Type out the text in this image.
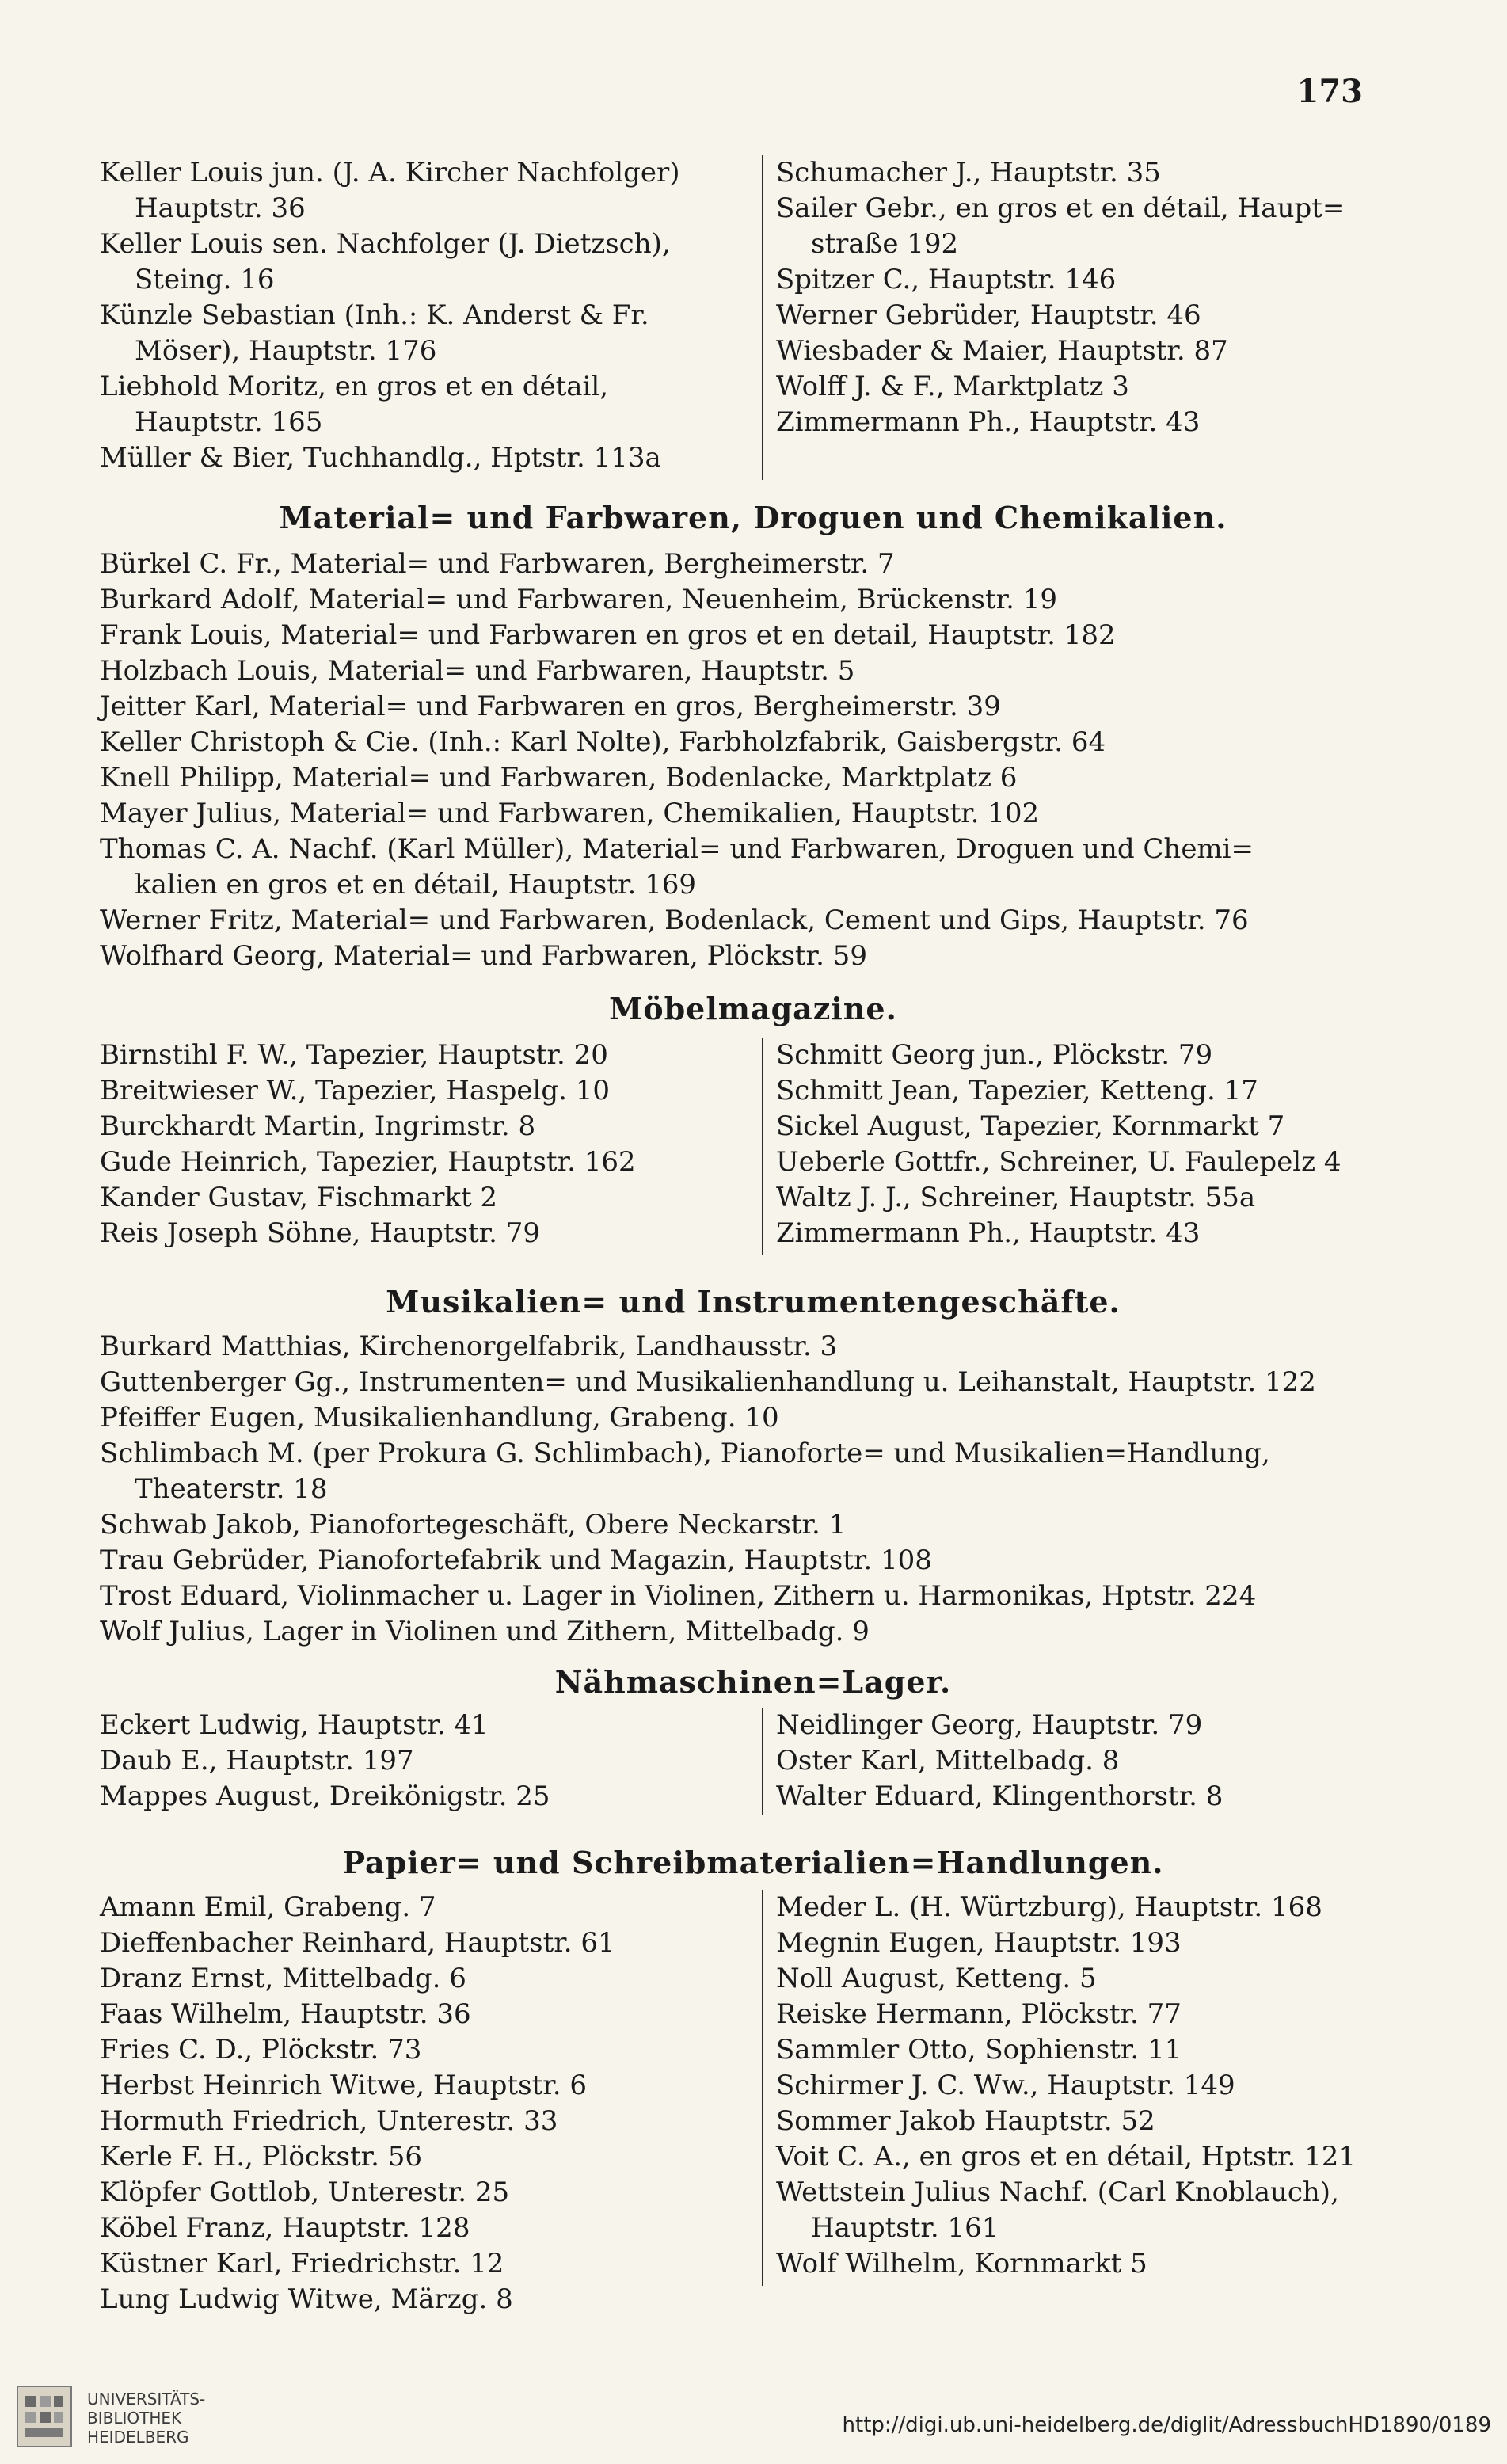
173
Keller Louis jun. (J. A. Kircher Nachfolger)
Hauptstr. 36
Keller Louis sen. Nachfolger (J. Dietzsch),
Steing. 16
Künzle Sebastian (Inh.: K. Anderst & Fr.
Möser), Hauptstr. 176
Liebhold Moritz, en gros et en détail,
Hauptstr. 165
Müller & Bier, Tuchhandlg., Hptstr. 113a
Schumacher J., Hauptstr. 35
Sailer Gebr., en gros et en détail, Haupt=
straße 192
Spitzer C., Hauptstr. 146
Werner Gebrüder, Hauptstr. 46
Wiesbader & Maier, Hauptstr. 87
Wolff J. & F., Marktplatz 3
Zimmermann Ph., Hauptstr. 43
Material= und Farbwaren, Droguen und Chemikalien.
Bürkel C. Fr., Material= und Farbwaren, Bergheimerstr. 7
Burkard Adolf, Material= und Farbwaren, Neuenheim, Brückenstr. 19
Frank Louis, Material= und Farbwaren en gros et en detail, Hauptstr. 182
Holzbach Louis, Material= und Farbwaren, Hauptstr. 5
Jeitter Karl, Material= und Farbwaren en gros, Bergheimerstr. 39
Keller Christoph & Cie. (Inh.: Karl Nolte), Farbholzfabrik, Gaisbergstr. 64
Knell Philipp, Material= und Farbwaren, Bodenlacke, Marktplatz 6
Mayer Julius, Material= und Farbwaren, Chemikalien, Hauptstr. 102
Thomas C. A. Nachf. (Karl Müller), Material= und Farbwaren, Droguen und Chemi=
kalien en gros et en détail, Hauptstr. 169
Werner Fritz, Material= und Farbwaren, Bodenlack, Cement und Gips, Hauptstr. 76
Wolfhard Georg, Material= und Farbwaren, Plöckstr. 59
Möbelmagazine.
Birnstihl F. W., Tapezier, Hauptstr. 20
Breitwieser W., Tapezier, Haspelg. 10
Burckhardt Martin, Ingrimstr. 8
Gude Heinrich, Tapezier, Hauptstr. 162
Kander Gustav, Fischmarkt 2
Reis Joseph Söhne, Hauptstr. 79
Schmitt Georg jun., Plöckstr. 79
Schmitt Jean, Tapezier, Ketteng. 17
Sickel August, Tapezier, Kornmarkt 7
Ueberle Gottfr., Schreiner, U. Faulepelz 4
Waltz J. J., Schreiner, Hauptstr. 55a
Zimmermann Ph., Hauptstr. 43
Musikalien= und Instrumentengeschäfte.
Burkard Matthias, Kirchenorgelfabrik, Landhausstr. 3
Guttenberger Gg., Instrumenten= und Musikalienhandlung u. Leihanstalt, Hauptstr. 122
Pfeiffer Eugen, Musikalienhandlung, Grabeng. 10
Schlimbach M. (per Prokura G. Schlimbach), Pianoforte= und Musikalien=Handlung,
Theaterstr. 18
Schwab Jakob, Pianofortegeschäft, Obere Neckarstr. 1
Trau Gebrüder, Pianofortefabrik und Magazin, Hauptstr. 108
Trost Eduard, Violinmacher u. Lager in Violinen, Zithern u. Harmonikas, Hptstr. 224
Wolf Julius, Lager in Violinen und Zithern, Mittelbadg. 9
Nähmaschinen=Lager.
Eckert Ludwig, Hauptstr. 41
Daub E., Hauptstr. 197
Mappes August, Dreikönigstr. 25
Neidlinger Georg, Hauptstr. 79
Oster Karl, Mittelbadg. 8
Walter Eduard, Klingenthorstr. 8
Papier= und Schreibmaterialien=Handlungen.
Amann Emil, Grabeng. 7
Dieffenbacher Reinhard, Hauptstr. 61
Dranz Ernst, Mittelbadg. 6
Faas Wilhelm, Hauptstr. 36
Fries C. D., Plöckstr. 73
Herbst Heinrich Witwe, Hauptstr. 6
Hormuth Friedrich, Unterestr. 33
Kerle F. H., Plöckstr. 56
Klöpfer Gottlob, Unterestr. 25
Köbel Franz, Hauptstr. 128
Küstner Karl, Friedrichstr. 12
Lung Ludwig Witwe, Märzg. 8
Meder L. (H. Würtzburg), Hauptstr. 168
Megnin Eugen, Hauptstr. 193
Noll August, Ketteng. 5
Reiske Hermann, Plöckstr. 77
Sammler Otto, Sophienstr. 11
Schirmer J. C. Ww., Hauptstr. 149
Sommer Jakob Hauptstr. 52
Voit C. A., en gros et en détail, Hptstr. 121
Wettstein Julius Nachf. (Carl Knoblauch),
Hauptstr. 161
Wolf Wilhelm, Kornmarkt 5
UNIVERSITÄTS-
BIBLIOTHEK
HEIDELBERG	http://digi.ub.uni-heidelberg.de/diglit/AdressbuchHD1890/0189
